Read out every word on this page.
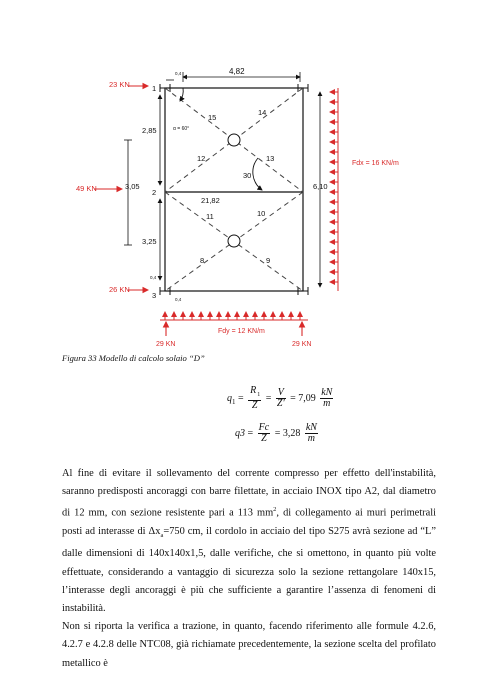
15
14
12	13
11	10
8	9
30
21,82
α = 60°
1
2
3
4,82
0,4
2,85
3,05
3,25
0,4
0,4
6,10
23 KN
49 KN
26 KN
Fdx = 16 KN/m
Fdy = 12 KN/m
29 KN	29 KN
Figura 33 Modello di calcolo solaio “D”
$q_1 = \frac{R_1}{Z} = \frac{V}{Z'} = 7,09 \frac{kN}{m}$
$q3 = \frac{Fc}{Z} = 3,28 \frac{kN}{m}$

Al fine di evitare il sollevamento del corrente compresso per effetto dell'instabilità, saranno predisposti ancoraggi con barre filettate, in acciaio INOX tipo A2, dal diametro di 12 mm, con sezione resistente pari a 113 $mm^2$, di collegamento ai muri perimetrali posti ad interasse di $\Delta x_a=750$ cm, il cordolo in acciaio del tipo S275 avrà sezione ad “L” dalle dimensioni di 140x140x1,5, dalle verifiche, che si omettono, in quanto più volte effettuate, considerando a vantaggio di sicurezza solo la sezione rettangolare 140x15, l’interasse degli ancoraggi è più che sufficiente a garantire l’assenza di fenomeni di instabilità.

Non si riporta la verifica a trazione, in quanto, facendo riferimento alle formule 4.2.6, 4.2.7 e 4.2.8 delle NTC08, già richiamate precedentemente, la sezione scelta del profilato metallico è
